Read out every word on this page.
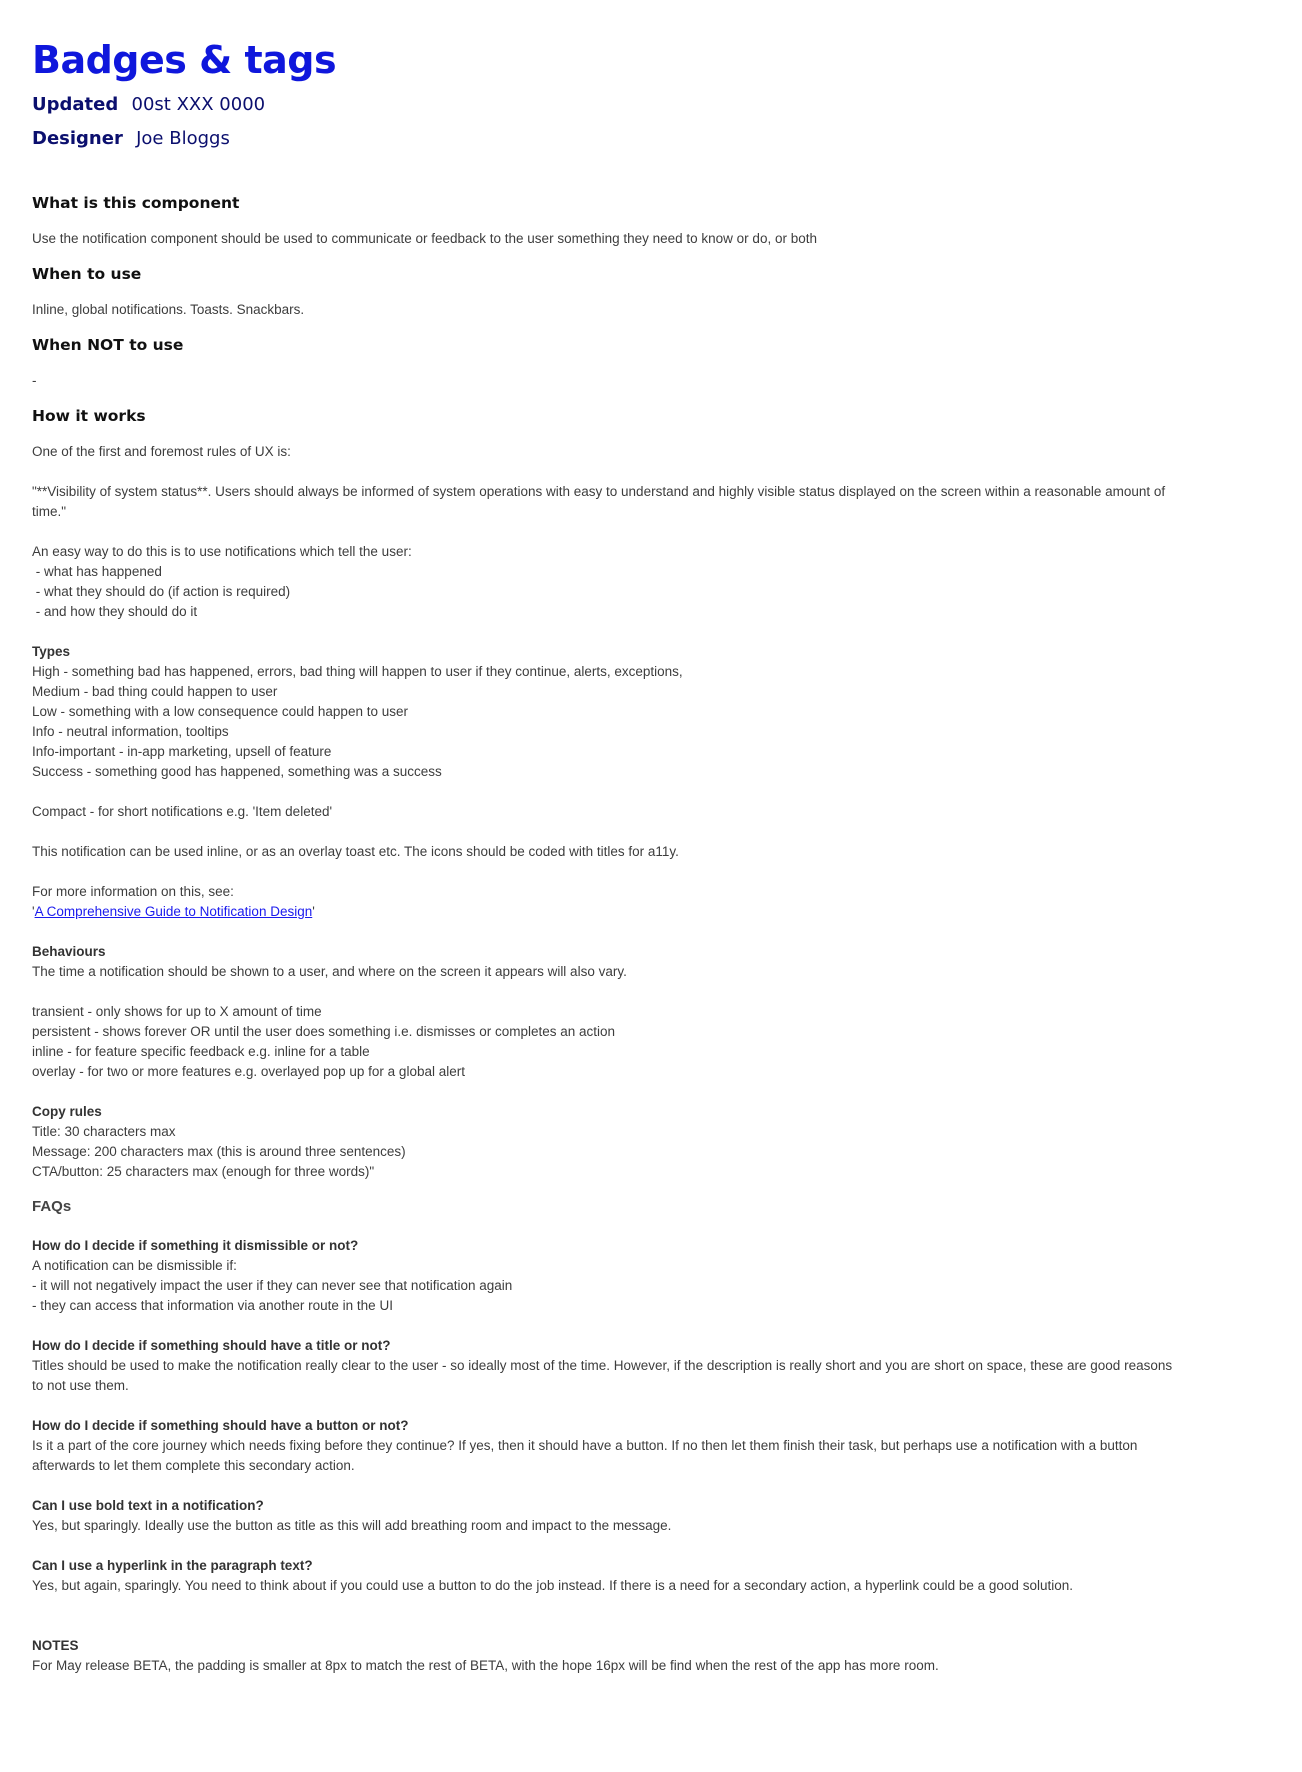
Badges & tags
Updated 00st XXX 0000
Designer Joe Bloggs
What is this component

Use the notification component should be used to communicate or feedback to the user something they need to know or do, or both

When to use

Inline, global notifications. Toasts. Snackbars.

When NOT to use

-

How it works

One of the first and foremost rules of UX is:

"**Visibility of system status**. Users should always be informed of system operations with easy to understand and highly visible status displayed on the screen within a reasonable amount of

time."

An easy way to do this is to use notifications which tell the user:

- what has happened

- what they should do (if action is required)

- and how they should do it

Types

High - something bad has happened, errors, bad thing will happen to user if they continue, alerts, exceptions,

Medium - bad thing could happen to user

Low - something with a low consequence could happen to user

Info - neutral information, tooltips

Info-important - in-app marketing, upsell of feature

Success - something good has happened, something was a success

Compact - for short notifications e.g. 'Item deleted'

This notification can be used inline, or as an overlay toast etc. The icons should be coded with titles for a11y.

For more information on this, see:

'A Comprehensive Guide to Notification Design'

Behaviours

The time a notification should be shown to a user, and where on the screen it appears will also vary.

transient - only shows for up to X amount of time

persistent - shows forever OR until the user does something i.e. dismisses or completes an action

inline - for feature specific feedback e.g. inline for a table

overlay - for two or more features e.g. overlayed pop up for a global alert

Copy rules

Title: 30 characters max

Message: 200 characters max (this is around three sentences)

CTA/button: 25 characters max (enough for three words)"

FAQs
How do I decide if something it dismissible or not?

A notification can be dismissible if:

- it will not negatively impact the user if they can never see that notification again

- they can access that information via another route in the UI

How do I decide if something should have a title or not?

Titles should be used to make the notification really clear to the user - so ideally most of the time. However, if the description is really short and you are short on space, these are good reasons

to not use them.

How do I decide if something should have a button or not?

Is it a part of the core journey which needs fixing before they continue? If yes, then it should have a button. If no then let them finish their task, but perhaps use a notification with a button

afterwards to let them complete this secondary action.

Can I use bold text in a notification?

Yes, but sparingly. Ideally use the button as title as this will add breathing room and impact to the message.

Can I use a hyperlink in the paragraph text?

Yes, but again, sparingly. You need to think about if you could use a button to do the job instead. If there is a need for a secondary action, a hyperlink could be a good solution.

NOTES

For May release BETA, the padding is smaller at 8px to match the rest of BETA, with the hope 16px will be find when the rest of the app has more room.
